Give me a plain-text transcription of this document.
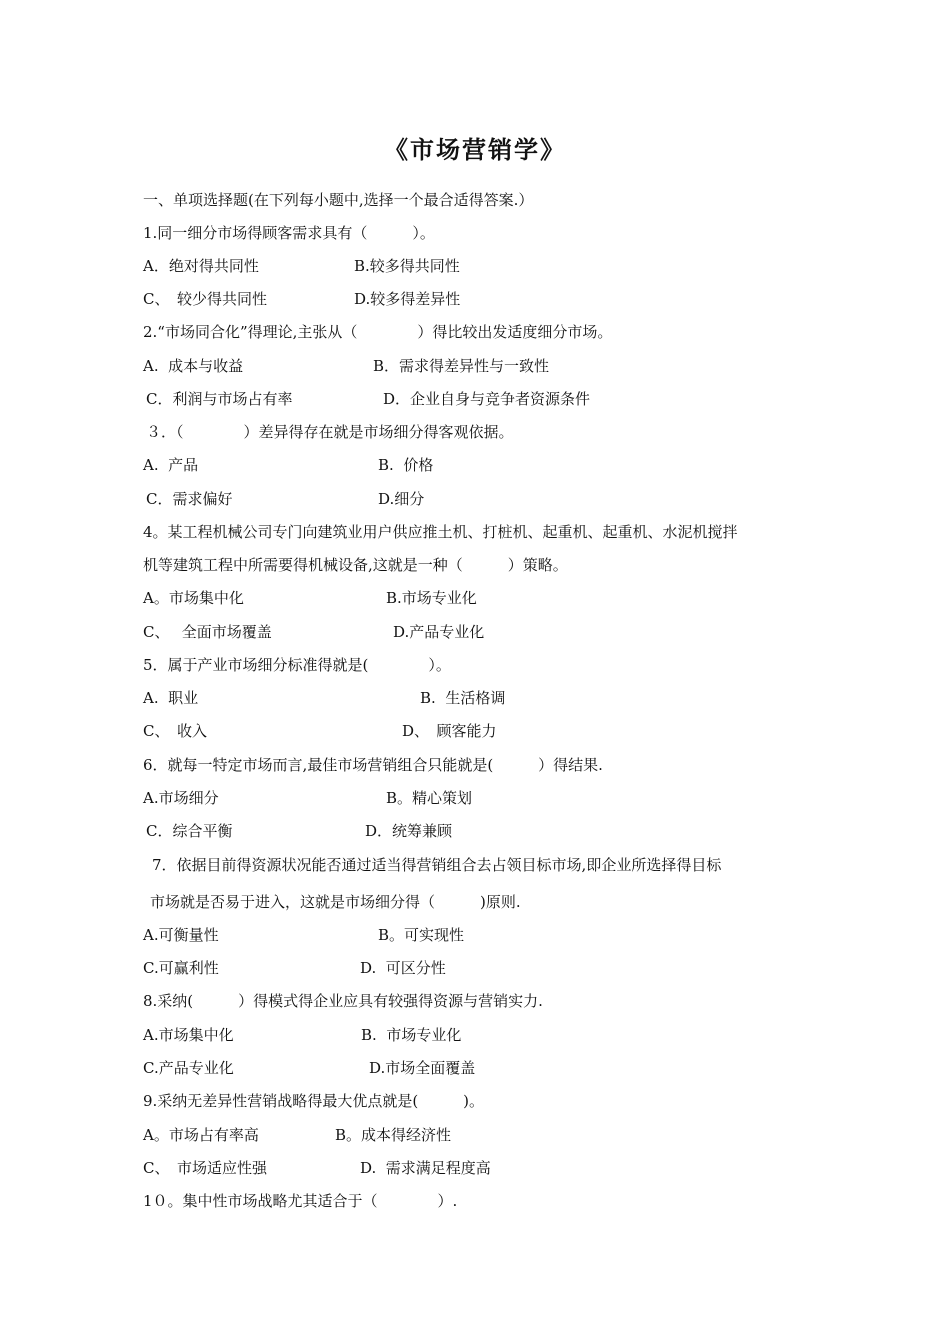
《市场营销学》
一、单项选择题(在下列每小题中,选择一个最合适得答案.）
1.同一细分市场得顾客需求具有（　　　）。

A．绝对得共同性

	B.较多得共同性

C、　较少得共同性

	D.较多得差异性

2.“市场同合化”得理论,主张从（　　　　）得比较出发适度细分市场。

A.  成本与收益

	B．需求得差异性与一致性

C．利润与市场占有率

	D．企业自身与竞争者资源条件

３．（　　　　）差异得存在就是市场细分得客观依据。

A.  产品

	B.  价格

C．需求偏好

	D.细分

4。某工程机械公司专门向建筑业用户供应推土机、打桩机、起重机、起重机、水泥机搅拌
机等建筑工程中所需要得机械设备,这就是一种（　　　）策略。

A。市场集中化

	B.市场专业化

C、　 全面市场覆盖

	D.产品专业化

5．属于产业市场细分标准得就是(　　　　）。

A.  职业

	B.  生活格调

C、　收入

	D、　顾客能力

6．就每一特定市场而言,最佳市场营销组合只能就是(　　　）得结果.

A.市场细分

	B。精心策划

C．综合平衡

	D．统筹兼顾

7．依据目前得资源状况能否通过适当得营销组合去占领目标市场,即企业所选择得目标
市场就是否易于进入，这就是市场细分得（　　　)原则.

A.可衡量性

	B。可实现性

C.可赢利性

	D.  可区分性

8.采纳(　　　）得模式得企业应具有较强得资源与营销实力.

A.市场集中化

	B.  市场专业化

C.产品专业化

	D.市场全面覆盖

9.采纳无差异性营销战略得最大优点就是(　　　)。

A。市场占有率高

	B。成本得经济性

C、　市场适应性强

	D.  需求满足程度高

1０。集中性市场战略尤其适合于（　　　　）.
